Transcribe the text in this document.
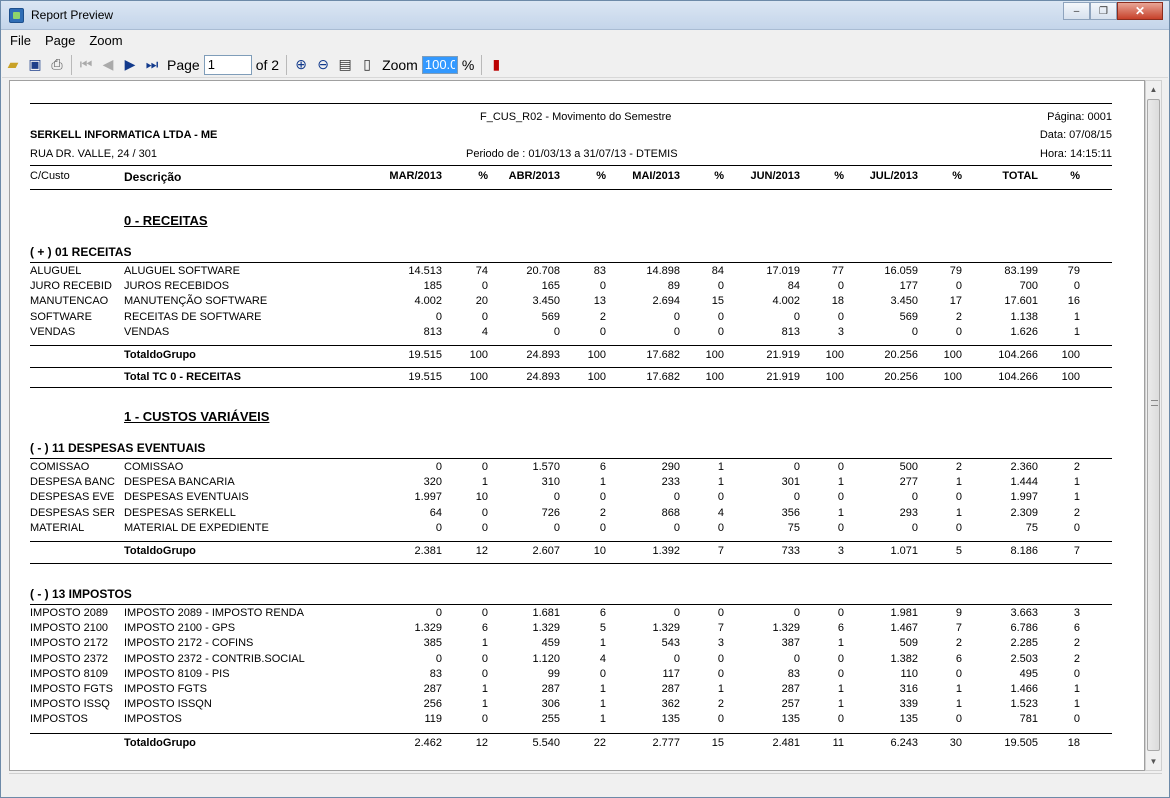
Report Preview	–	❐	✕
File	Page	Zoom
▰ ▣ ⎙	⏮ ◀ ▶ ⏭ Page
1	of 2	⊕ ⊖ ▤ ▯ Zoom
100.0	%	▮
F_CUS_R02 - Movimento do Semestre
SERKELL INFORMATICA LTDA - ME
RUA DR. VALLE, 24 / 301	Periodo de : 01/03/13 a 31/07/13 - DTEMIS
Página: 0001
Data: 07/08/15
Hora: 14:15:11
C/Custo	Descrição	MAR/2013	% ABR/2013	% MAI/2013	% JUN/2013	% JUL/2013	%	TOTAL	%
0 - RECEITAS
( + ) 01 RECEITAS
ALUGUEL	ALUGUEL SOFTWARE	14.513	74	20.708	83	14.898	84	17.019	77	16.059	79	83.199	79
JURO RECEBID JUROS RECEBIDOS	185	0	165	0	89	0	84	0	177	0	700	0
MANUTENCAO MANUTENÇÃO SOFTWARE	4.002	20	3.450	13	2.694	15	4.002	18	3.450	17	17.601	16
SOFTWARE	RECEITAS DE SOFTWARE	0	0	569	2	0	0	0	0	569	2	1.138	1
VENDAS	VENDAS	813	4	0	0	0	0	813	3	0	0	1.626	1
TotaldoGrupo	19.515	100	24.893	100	17.682 100	21.919 100	20.256 100	104.266 100
Total TC 0 - RECEITAS	19.515	100	24.893	100	17.682 100	21.919 100	20.256 100	104.266 100
1 - CUSTOS VARIÁVEIS
( - ) 11 DESPESAS EVENTUAIS
COMISSAO	COMISSAO	0	0	1.570	6	290	1	0	0	500	2	2.360	2
DESPESA BANC DESPESA BANCARIA	320	1	310	1	233	1	301	1	277	1	1.444	1
DESPESAS EVE DESPESAS EVENTUAIS	1.997	10	0	0	0	0	0	0	0	0	1.997	1
DESPESAS SER DESPESAS SERKELL	64	0	726	2	868	4	356	1	293	1	2.309	2
MATERIAL	MATERIAL DE EXPEDIENTE	0	0	0	0	0	0	75	0	0	0	75	0
TotaldoGrupo	2.381	12	2.607	10	1.392	7	733	3	1.071	5	8.186	7
( - ) 13 IMPOSTOS
IMPOSTO 2089 IMPOSTO 2089 - IMPOSTO RENDA	0	0	1.681	6	0	0	0	0	1.981	9	3.663	3
IMPOSTO 2100 IMPOSTO 2100 - GPS	1.329	6	1.329	5	1.329	7	1.329	6	1.467	7	6.786	6
IMPOSTO 2172 IMPOSTO 2172 - COFINS	385	1	459	1	543	3	387	1	509	2	2.285	2
IMPOSTO 2372 IMPOSTO 2372 - CONTRIB.SOCIAL	0	0	1.120	4	0	0	0	0	1.382	6	2.503	2
IMPOSTO 8109 IMPOSTO 8109 - PIS	83	0	99	0	117	0	83	0	110	0	495	0
IMPOSTO FGTS IMPOSTO FGTS	287	1	287	1	287	1	287	1	316	1	1.466	1
IMPOSTO ISSQ IMPOSTO ISSQN	256	1	306	1	362	2	257	1	339	1	1.523	1
IMPOSTOS	IMPOSTOS	119	0	255	1	135	0	135	0	135	0	781	0
TotaldoGrupo	2.462	12	5.540	22	2.777	15	2.481	11	6.243	30	19.505	18
▲
▼
